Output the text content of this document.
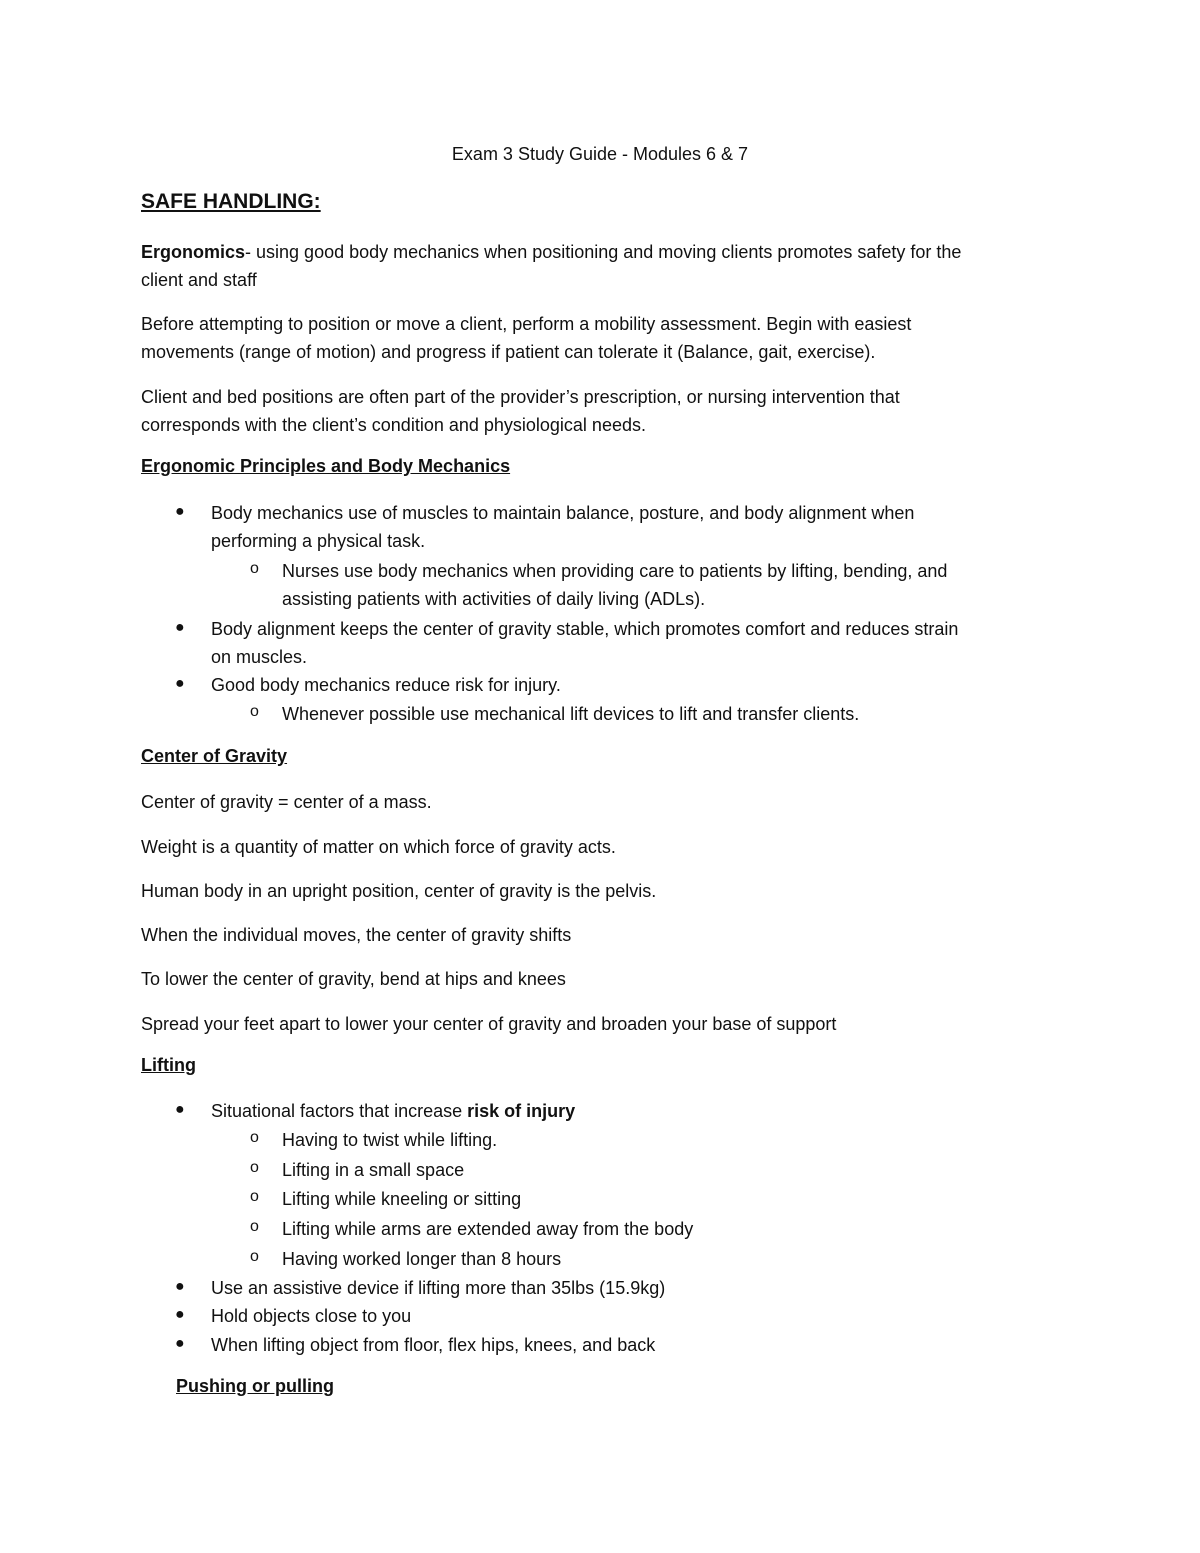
Exam 3 Study Guide - Modules 6 & 7

SAFE HANDLING:

Ergonomics- using good body mechanics when positioning and moving clients promotes safety for the

client and staff

Before attempting to position or move a client, perform a mobility assessment. Begin with easiest

movements (range of motion) and progress if patient can tolerate it (Balance, gait, exercise).

Client and bed positions are often part of the provider’s prescription, or nursing intervention that

corresponds with the client’s condition and physiological needs.

Ergonomic Principles and Body Mechanics

● Body mechanics use of muscles to maintain balance, posture, and body alignment when

performing a physical task.

o Nurses use body mechanics when providing care to patients by lifting, bending, and

assisting patients with activities of daily living (ADLs).

● Body alignment keeps the center of gravity stable, which promotes comfort and reduces strain

on muscles.

● Good body mechanics reduce risk for injury.

o Whenever possible use mechanical lift devices to lift and transfer clients.

Center of Gravity

Center of gravity = center of a mass.

Weight is a quantity of matter on which force of gravity acts.

Human body in an upright position, center of gravity is the pelvis.

When the individual moves, the center of gravity shifts

To lower the center of gravity, bend at hips and knees

Spread your feet apart to lower your center of gravity and broaden your base of support

Lifting

● Situational factors that increase risk of injury

o Having to twist while lifting.

o Lifting in a small space

o Lifting while kneeling or sitting

o Lifting while arms are extended away from the body

o Having worked longer than 8 hours

● Use an assistive device if lifting more than 35lbs (15.9kg)

● Hold objects close to you

● When lifting object from floor, flex hips, knees, and back

Pushing or pulling
